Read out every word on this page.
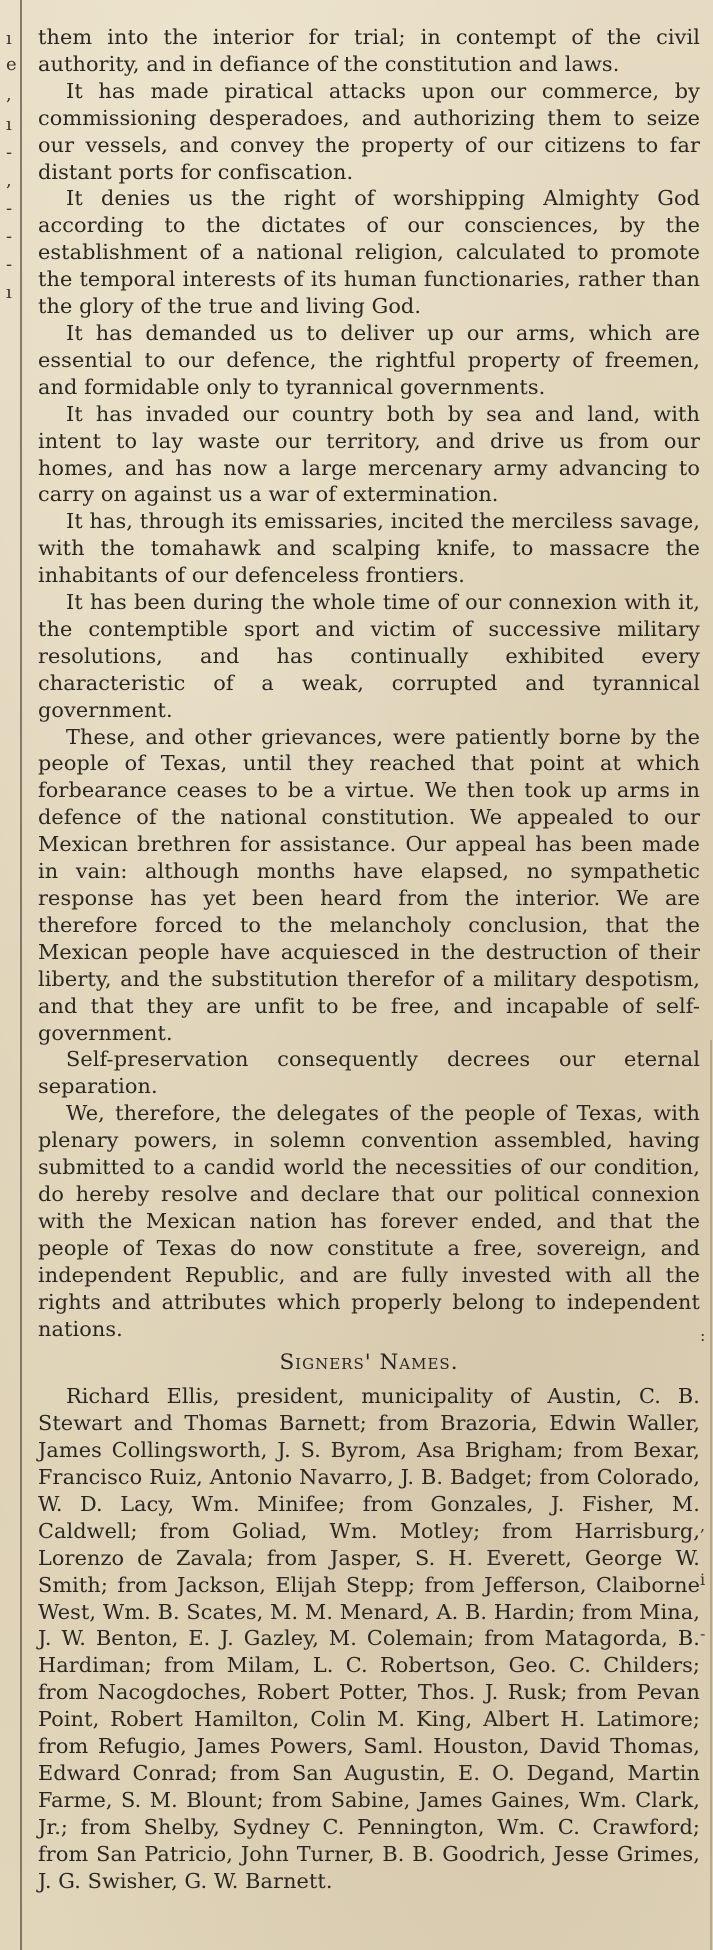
ı
e
,
ı
-
,
-
-
-
ı
:
,
i
-

them into the interior for trial; in contempt of the civil authority, and in defiance of the constitution and laws.

It has made piratical attacks upon our commerce, by commissioning desperadoes, and authorizing them to seize our vessels, and convey the property of our citizens to far distant ports for confiscation.

It denies us the right of worshipping Almighty God according to the dictates of our consciences, by the establishment of a national religion, calculated to promote the temporal interests of its human functionaries, rather than the glory of the true and living God.

It has demanded us to deliver up our arms, which are essential to our defence, the rightful property of freemen, and formidable only to tyrannical governments.

It has invaded our country both by sea and land, with intent to lay waste our territory, and drive us from our homes, and has now a large mercenary army advancing to carry on against us a war of extermination.

It has, through its emissaries, incited the merciless savage, with the tomahawk and scalping knife, to massacre the inhabitants of our defenceless frontiers.

It has been during the whole time of our connexion with it, the contemptible sport and victim of successive military resolutions, and has continually exhibited every characteristic of a weak, corrupted and tyrannical government.

These, and other grievances, were patiently borne by the people of Texas, until they reached that point at which forbearance ceases to be a virtue. We then took up arms in defence of the national constitution. We appealed to our Mexican brethren for assistance. Our appeal has been made in vain: although months have elapsed, no sympathetic response has yet been heard from the interior. We are therefore forced to the melancholy conclusion, that the Mexican people have acquiesced in the destruction of their liberty, and the substitution therefor of a military despotism, and that they are unfit to be free, and incapable of self-government.

Self-preservation consequently decrees our eternal separation.

We, therefore, the delegates of the people of Texas, with plenary powers, in solemn convention assembled, having submitted to a candid world the necessities of our condition, do hereby resolve and declare that our political connexion with the Mexican nation has forever ended, and that the people of Texas do now constitute a free, sovereign, and independent Republic, and are fully invested with all the rights and attributes which properly belong to independent nations.

Signers' Names.

Richard Ellis, president, municipality of Austin, C. B. Stewart and Thomas Barnett; from Brazoria, Edwin Waller, James Collingsworth, J. S. Byrom, Asa Brigham; from Bexar, Francisco Ruiz, Antonio Navarro, J. B. Badget; from Colorado, W. D. Lacy, Wm. Minifee; from Gonzales, J. Fisher, M. Caldwell; from Goliad, Wm. Motley; from Harrisburg, Lorenzo de Zavala; from Jasper, S. H. Everett, George W. Smith; from Jackson, Elijah Stepp; from Jefferson, Claiborne West, Wm. B. Scates, M. M. Menard, A. B. Hardin; from Mina, J. W. Benton, E. J. Gazley, M. Colemain; from Matagorda, B. Hardiman; from Milam, L. C. Robertson, Geo. C. Childers; from Nacogdoches, Robert Potter, Thos. J. Rusk; from Pevan Point, Robert Hamilton, Colin M. King, Albert H. Latimore; from Refugio, James Powers, Saml. Houston, David Thomas, Edward Conrad; from San Augustin, E. O. Degand, Martin Farme, S. M. Blount; from Sabine, James Gaines, Wm. Clark, Jr.; from Shelby, Sydney C. Pennington, Wm. C. Crawford; from San Patricio, John Turner, B. B. Goodrich, Jesse Grimes, J. G. Swisher, G. W. Barnett.
